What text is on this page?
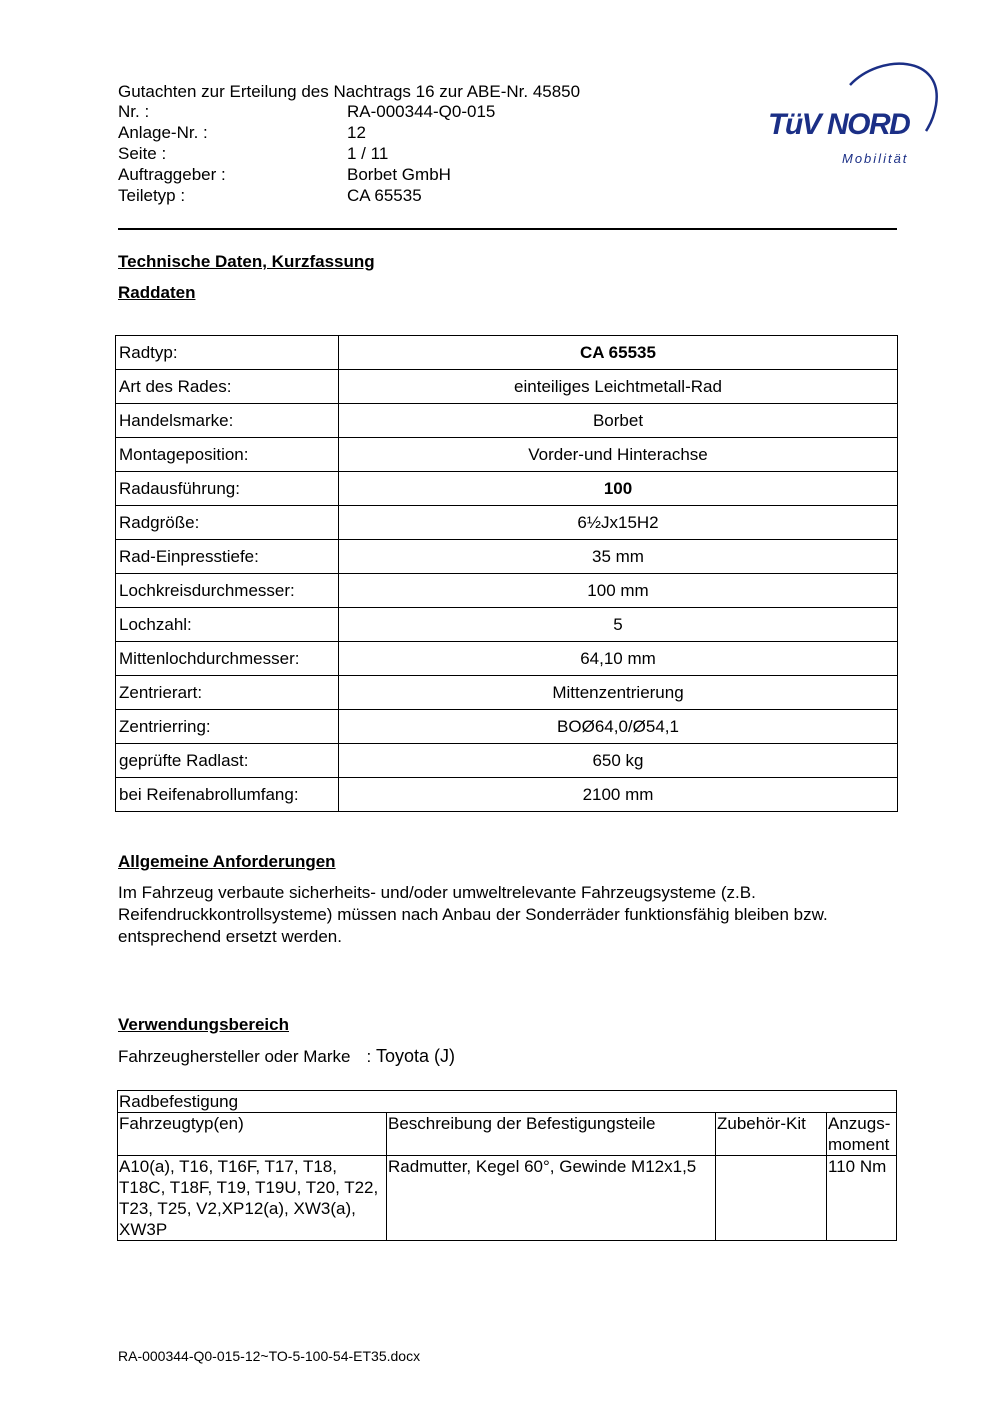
Gutachten zur Erteilung des Nachtrags 16 zur ABE-Nr. 45850
Nr. :	RA-000344-Q0-015
Anlage-Nr. :	12
Seite :	1 / 11
Auftraggeber :	Borbet GmbH
Teiletyp :	CA 65535
TüV NORD
Mobilität
Technische Daten, Kurzfassung
Raddaten
Radtyp:	CA 65535
Art des Rades:	einteiliges Leichtmetall-Rad
Handelsmarke:	Borbet
Montageposition:	Vorder-und Hinterachse
Radausführung:	100
Radgröße:	6½Jx15H2
Rad-Einpresstiefe:	35 mm
Lochkreisdurchmesser:	100 mm
Lochzahl:	5
Mittenlochdurchmesser:	64,10 mm
Zentrierart:	Mittenzentrierung
Zentrierring:	BOØ64,0/Ø54,1
geprüfte Radlast:	650 kg
bei Reifenabrollumfang:	2100 mm
Allgemeine Anforderungen
Im Fahrzeug verbaute sicherheits- und/oder umweltrelevante Fahrzeugsysteme (z.B. Reifendruckkontrollsysteme) müssen nach Anbau der Sonderräder funktionsfähig bleiben bzw. entsprechend ersetzt werden.
Verwendungsbereich
Fahrzeughersteller oder Marke : Toyota (J)
Radbefestigung			
Fahrzeugtyp(en)	Beschreibung der Befestigungsteile	Zubehör-Kit	Anzugs-
moment
A10(a), T16, T16F, T17, T18, T18C, T18F, T19, T19U, T20, T22, T23, T25, V2,XP12(a), XW3(a), XW3P	Radmutter, Kegel 60°, Gewinde M12x1,5		110 Nm
RA-000344-Q0-015-12~TO-5-100-54-ET35.docx
